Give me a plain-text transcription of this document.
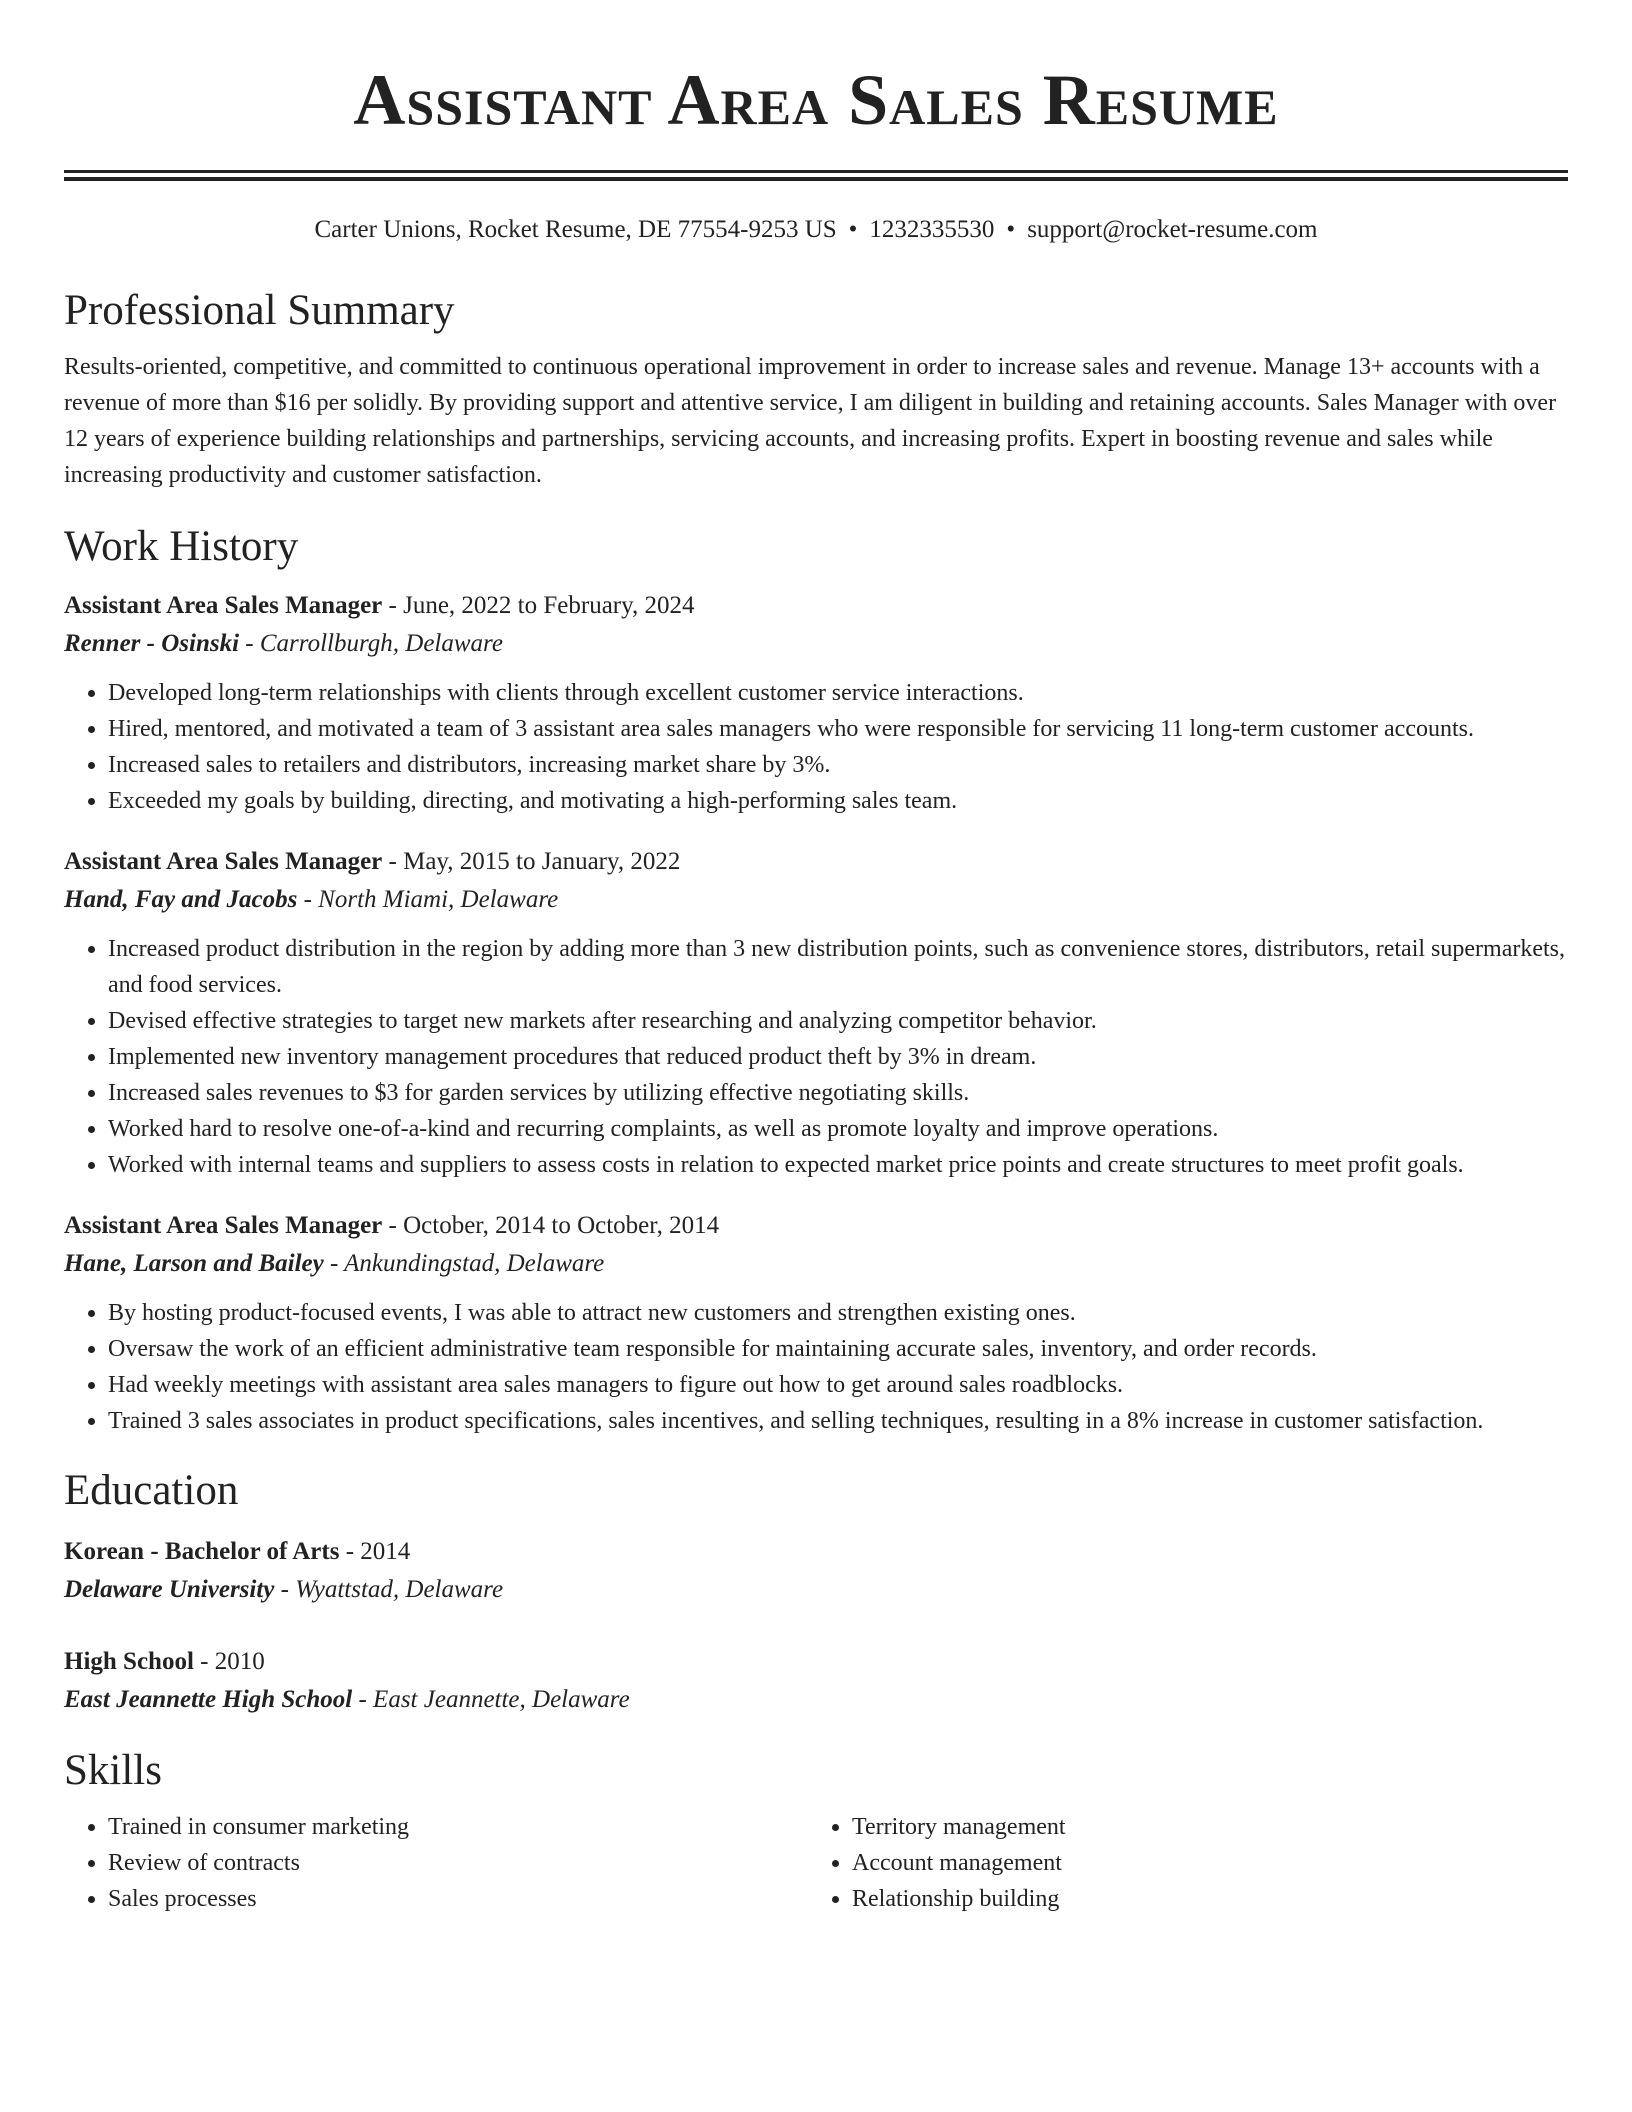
Assistant Area Sales Resume
Carter Unions, Rocket Resume, DE 77554-9253 US • 1232335530 • support@rocket-resume.com
Professional Summary
Results-oriented, competitive, and committed to continuous operational improvement in order to increase sales and revenue. Manage 13+ accounts with a revenue of more than $16 per solidly. By providing support and attentive service, I am diligent in building and retaining accounts. Sales Manager with over 12 years of experience building relationships and partnerships, servicing accounts, and increasing profits. Expert in boosting revenue and sales while increasing productivity and customer satisfaction.
Work History
Assistant Area Sales Manager - June, 2022 to February, 2024
Renner - Osinski - Carrollburgh, Delaware
• Developed long-term relationships with clients through excellent customer service interactions.
• Hired, mentored, and motivated a team of 3 assistant area sales managers who were responsible for servicing 11 long-term customer accounts.
• Increased sales to retailers and distributors, increasing market share by 3%.
• Exceeded my goals by building, directing, and motivating a high-performing sales team.
Assistant Area Sales Manager - May, 2015 to January, 2022
Hand, Fay and Jacobs - North Miami, Delaware
• Increased product distribution in the region by adding more than 3 new distribution points, such as convenience stores, distributors, retail supermarkets, and food services.
• Devised effective strategies to target new markets after researching and analyzing competitor behavior.
• Implemented new inventory management procedures that reduced product theft by 3% in dream.
• Increased sales revenues to $3 for garden services by utilizing effective negotiating skills.
• Worked hard to resolve one-of-a-kind and recurring complaints, as well as promote loyalty and improve operations.
• Worked with internal teams and suppliers to assess costs in relation to expected market price points and create structures to meet profit goals.
Assistant Area Sales Manager - October, 2014 to October, 2014
Hane, Larson and Bailey - Ankundingstad, Delaware
• By hosting product-focused events, I was able to attract new customers and strengthen existing ones.
• Oversaw the work of an efficient administrative team responsible for maintaining accurate sales, inventory, and order records.
• Had weekly meetings with assistant area sales managers to figure out how to get around sales roadblocks.
• Trained 3 sales associates in product specifications, sales incentives, and selling techniques, resulting in a 8% increase in customer satisfaction.
Education
Korean - Bachelor of Arts - 2014
Delaware University - Wyattstad, Delaware
High School - 2010
East Jeannette High School - East Jeannette, Delaware
Skills
• Trained in consumer marketing
• Review of contracts
• Sales processes
• Territory management
• Account management
• Relationship building
